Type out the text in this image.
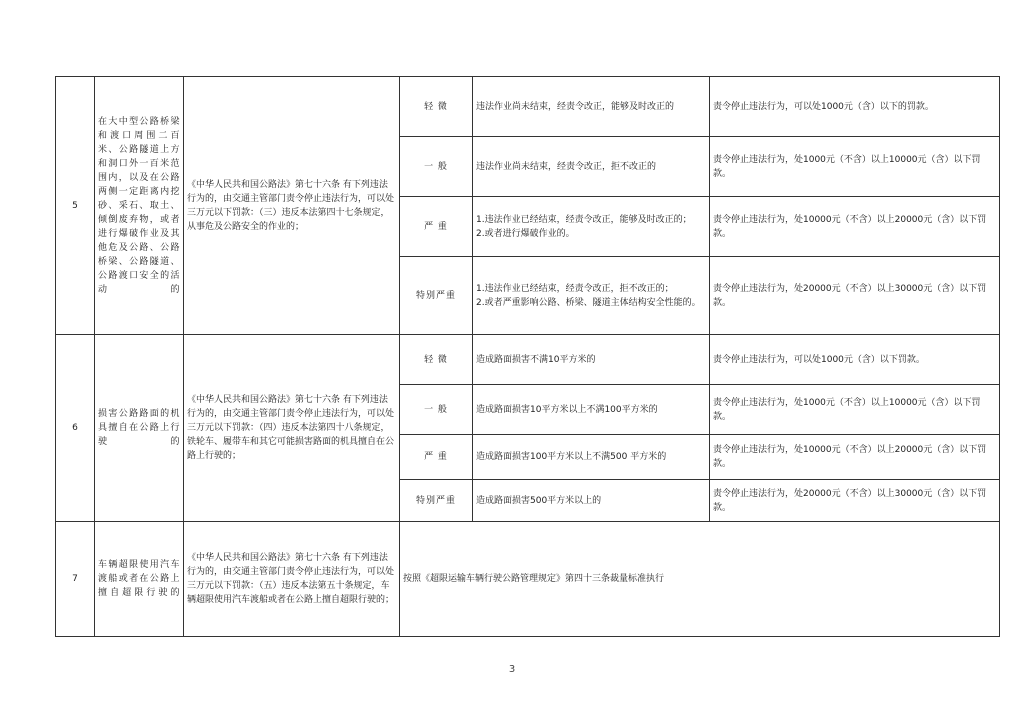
5	在大中型公路桥梁和渡口周围二百米、公路隧道上方和洞口外一百米范围内，以及在公路两侧一定距离内挖砂、采石、取土、倾倒废弃物，或者进行爆破作业及其他危及公路、公路桥梁、公路隧道、公路渡口安全的活动的	《中华人民共和国公路法》第七十六条 有下列违法行为的，由交通主管部门责令停止违法行为，可以处三万元以下罚款：（三）违反本法第四十七条规定，从事危及公路安全的作业的；	轻 微	违法作业尚未结束，经责令改正，能够及时改正的	责令停止违法行为，可以处1000元（含）以下的罚款。
			一 般	违法作业尚未结束，经责令改正，拒不改正的	责令停止违法行为，处1000元（不含）以上10000元（含）以下罚款。
			严 重	1.违法作业已经结束，经责令改正，能够及时改正的；
2.或者进行爆破作业的。	责令停止违法行为，处10000元（不含）以上20000元（含）以下罚款。
			特别严重	1.违法作业已经结束，经责令改正，拒不改正的；
2.或者严重影响公路、桥梁、隧道主体结构安全性能的。	责令停止违法行为，处20000元（不含）以上30000元（含）以下罚款。
6	损害公路路面的机具擅自在公路上行驶的	《中华人民共和国公路法》第七十六条 有下列违法行为的，由交通主管部门责令停止违法行为，可以处三万元以下罚款：（四）违反本法第四十八条规定，铁轮车、履带车和其它可能损害路面的机具擅自在公路上行驶的；	轻 微	造成路面损害不满10平方米的	责令停止违法行为，可以处1000元（含）以下罚款。
			一 般	造成路面损害10平方米以上不满100平方米的	责令停止违法行为，处1000元（不含）以上10000元（含）以下罚款。
			严 重	造成路面损害100平方米以上不满500 平方米的	责令停止违法行为，处10000元（不含）以上20000元（含）以下罚款。
			特别严重	造成路面损害500平方米以上的	责令停止违法行为，处20000元（不含）以上30000元（含）以下罚款。
7	车辆超限使用汽车渡船或者在公路上擅自超限行驶的	《中华人民共和国公路法》第七十六条 有下列违法行为的，由交通主管部门责令停止违法行为，可以处三万元以下罚款：（五）违反本法第五十条规定，车辆超限使用汽车渡船或者在公路上擅自超限行驶的；	按照《超限运输车辆行驶公路管理规定》第四十三条裁量标准执行		
3
